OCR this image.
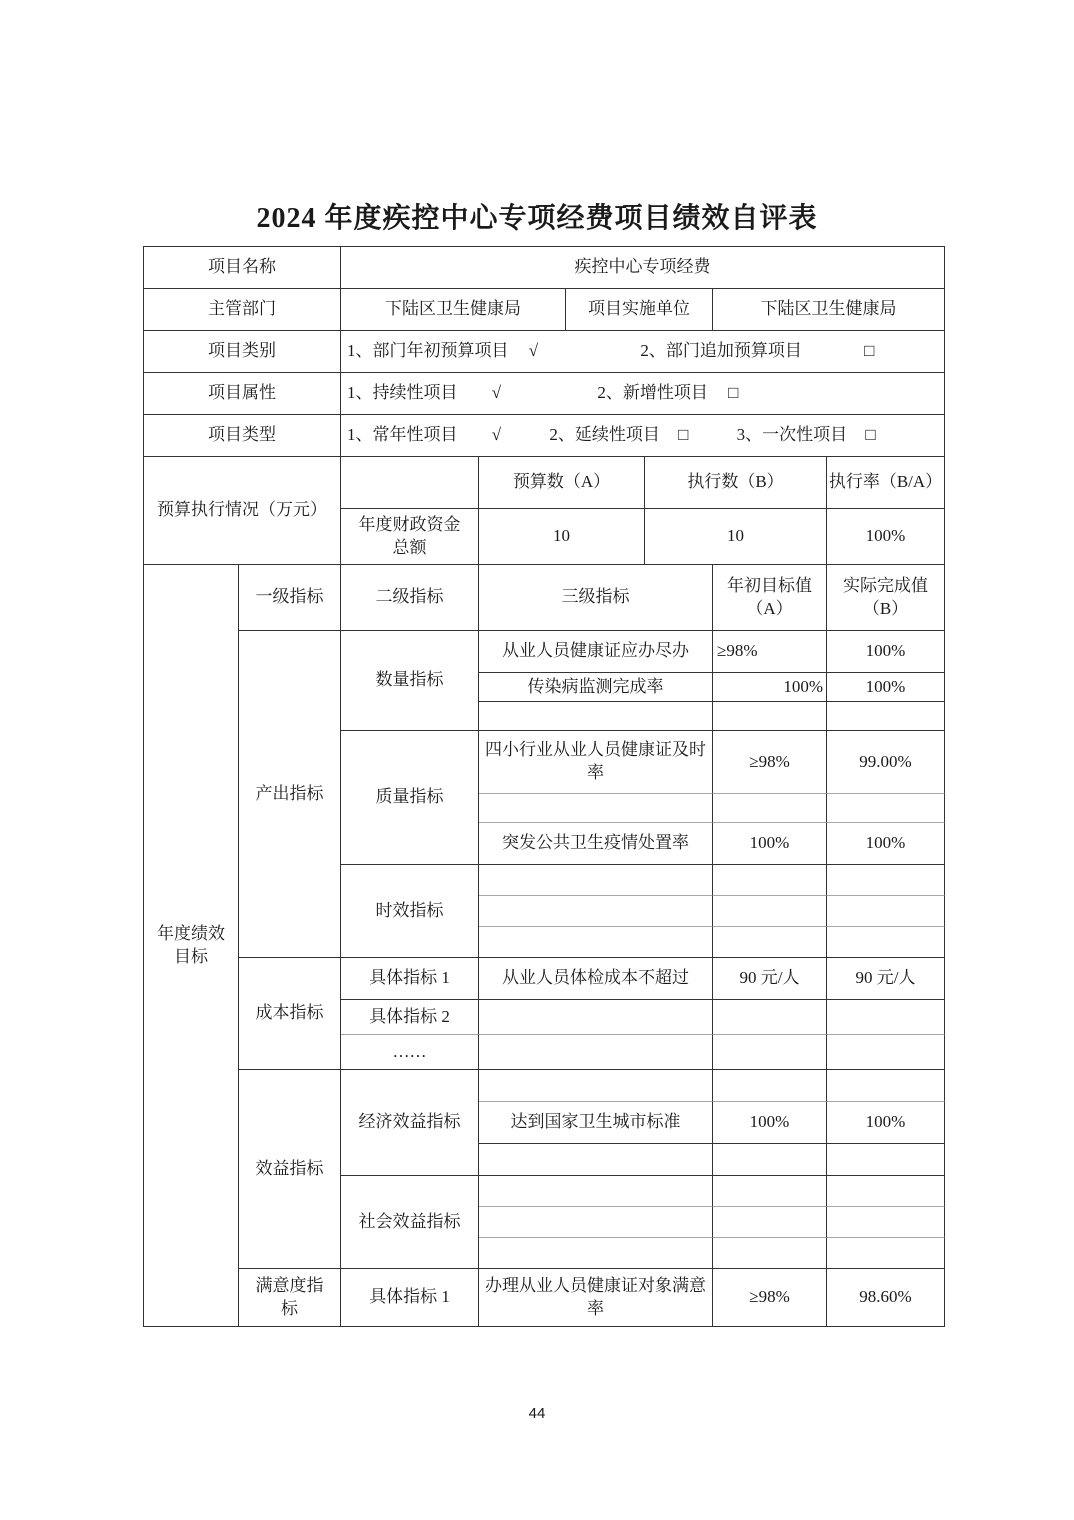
2024 年度疾控中心专项经费项目绩效自评表
项目名称		疾控中心专项经费					
主管部门		下陆区卫生健康局		项目实施单位		下陆区卫生健康局	
项目类别		1、部门年初预算项目 √ 2、部门追加预算项目 □					
项目属性		1、持续性项目 √ 2、新增性项目 □					
项目类型		1、常年性项目 √ 2、延续性项目 □ 3、一次性项目 □					
预算执行情况（万元）			预算数（A）		执行数（B）		执行率（B/A）
		年度财政资金总额	10		10		100%
年度绩效目标	一级指标	二级指标	三级指标			年初目标值（A）	实际完成值（B）
	产出指标	数量指标	从业人员健康证应办尽办			≥98%	100%
			传染病监测完成率			100%	100%

		质量指标	四小行业从业人员健康证及时率			≥98%	99.00%

			突发公共卫生疫情处置率			100%	100%
		时效指标					

	成本指标	具体指标 1	从业人员体检成本不超过			90 元/人	90 元/人
		具体指标 2					
		……					
	效益指标	经济效益指标					
			达到国家卫生城市标准			100%	100%

		社会效益指标					

	满意度指标	具体指标 1	办理从业人员健康证对象满意率			≥98%	98.60%
44
